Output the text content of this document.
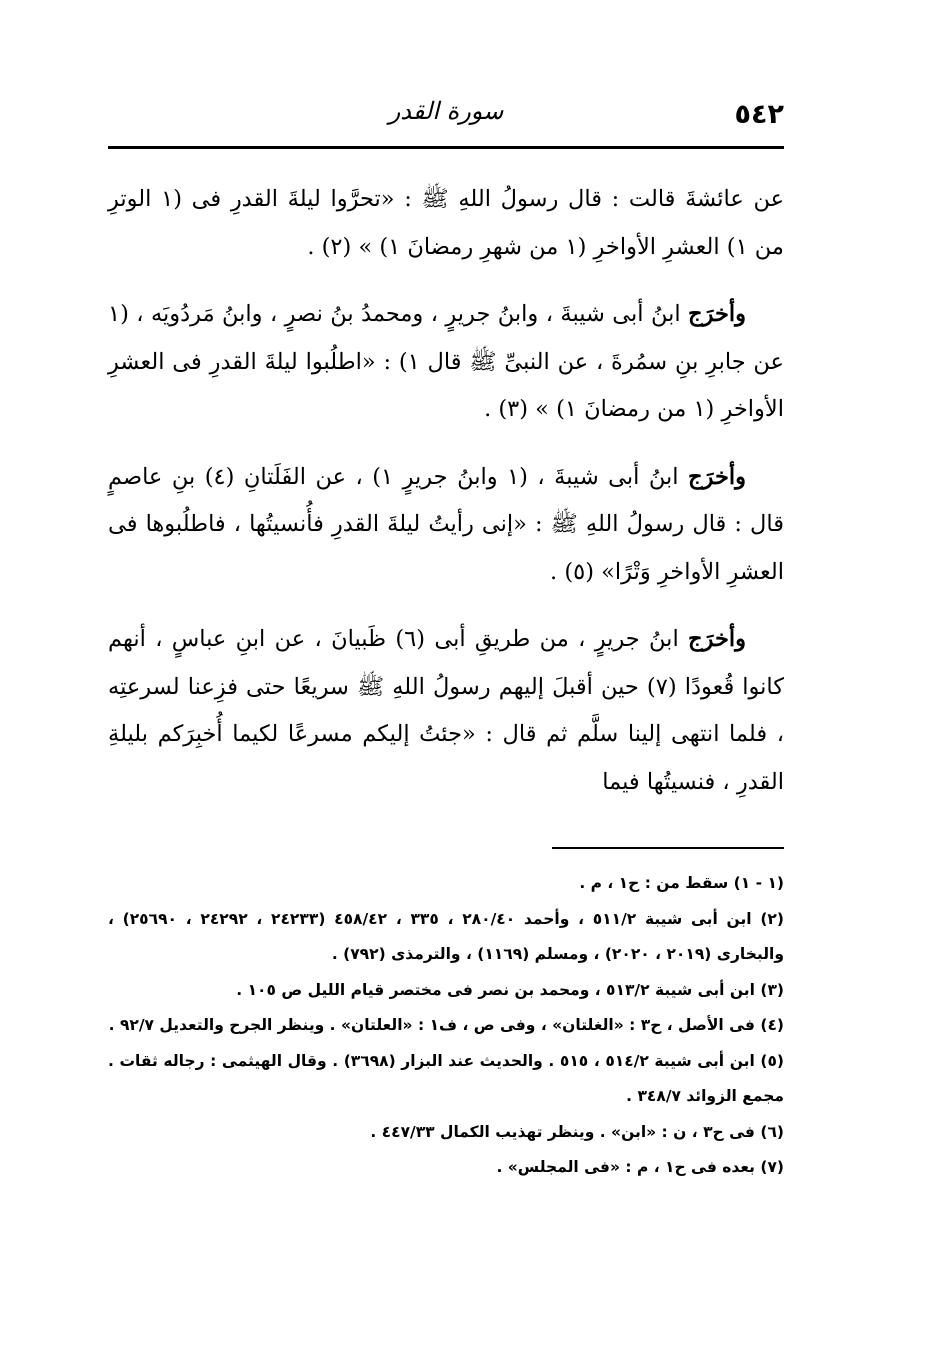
٥٤٢
سورة القدر

عن عائشةَ قالت : قال رسولُ اللهِ ﷺ : «تحرَّوا ليلةَ القدرِ فى (١ الوترِ من ١) العشرِ الأواخرِ (١ من شهرِ رمضانَ ١) » (٢) .

وأخرَج ابنُ أبى شيبةَ ، وابنُ جريرٍ ، ومحمدُ بنُ نصرٍ ، وابنُ مَردُويَه ، (١ عن جابرِ بنِ سمُرةَ ، عن النبىِّ ﷺ قال ١) : «اطلُبوا ليلةَ القدرِ فى العشرِ الأواخرِ (١ من رمضانَ ١) » (٣) .

وأخرَج ابنُ أبى شيبةَ ، (١ وابنُ جريرٍ ١) ، عن الفَلَتانِ (٤) بنِ عاصمٍ قال : قال رسولُ اللهِ ﷺ : «إنى رأيتُ ليلةَ القدرِ فأُنسيتُها ، فاطلُبوها فى العشرِ الأواخرِ وَتْرًا» (٥) .

وأخرَج ابنُ جريرٍ ، من طريقِ أبى (٦) ظَبيانَ ، عن ابنِ عباسٍ ، أنهم كانوا قُعودًا (٧) حين أقبلَ إليهم رسولُ اللهِ ﷺ سريعًا حتى فزِعنا لسرعتِه ، فلما انتهى إلينا سلَّم ثم قال : «جئتُ إليكم مسرعًا لكيما أُخبِرَكم بليلةِ القدرِ ، فنسيتُها فيما

(١ - ١) سقط من : ح١ ، م .

(٢) ابن أبى شيبة ٥١١/٢ ، وأحمد ٢٨٠/٤٠ ، ٣٣٥ ، ٤٥٨/٤٢ (٢٤٢٣٣ ، ٢٤٢٩٢ ، ٢٥٦٩٠) ، والبخارى (٢٠١٩ ، ٢٠٢٠) ، ومسلم (١١٦٩) ، والترمذى (٧٩٢) .

(٣) ابن أبى شيبة ٥١٣/٢ ، ومحمد بن نصر فى مختصر قيام الليل ص ١٠٥ .

(٤) فى الأصل ، ح٣ : «الغلتان» ، وفى ص ، ف١ : «العلتان» . وينظر الجرح والتعديل ٩٢/٧ .

(٥) ابن أبى شيبة ٥١٤/٢ ، ٥١٥ . والحديث عند البزار (٣٦٩٨) . وقال الهيثمى : رجاله ثقات . مجمع الزوائد ٣٤٨/٧ .

(٦) فى ح٣ ، ن : «ابن» . وينظر تهذيب الكمال ٤٤٧/٣٣ .

(٧) بعده فى ح١ ، م : «فى المجلس» .
